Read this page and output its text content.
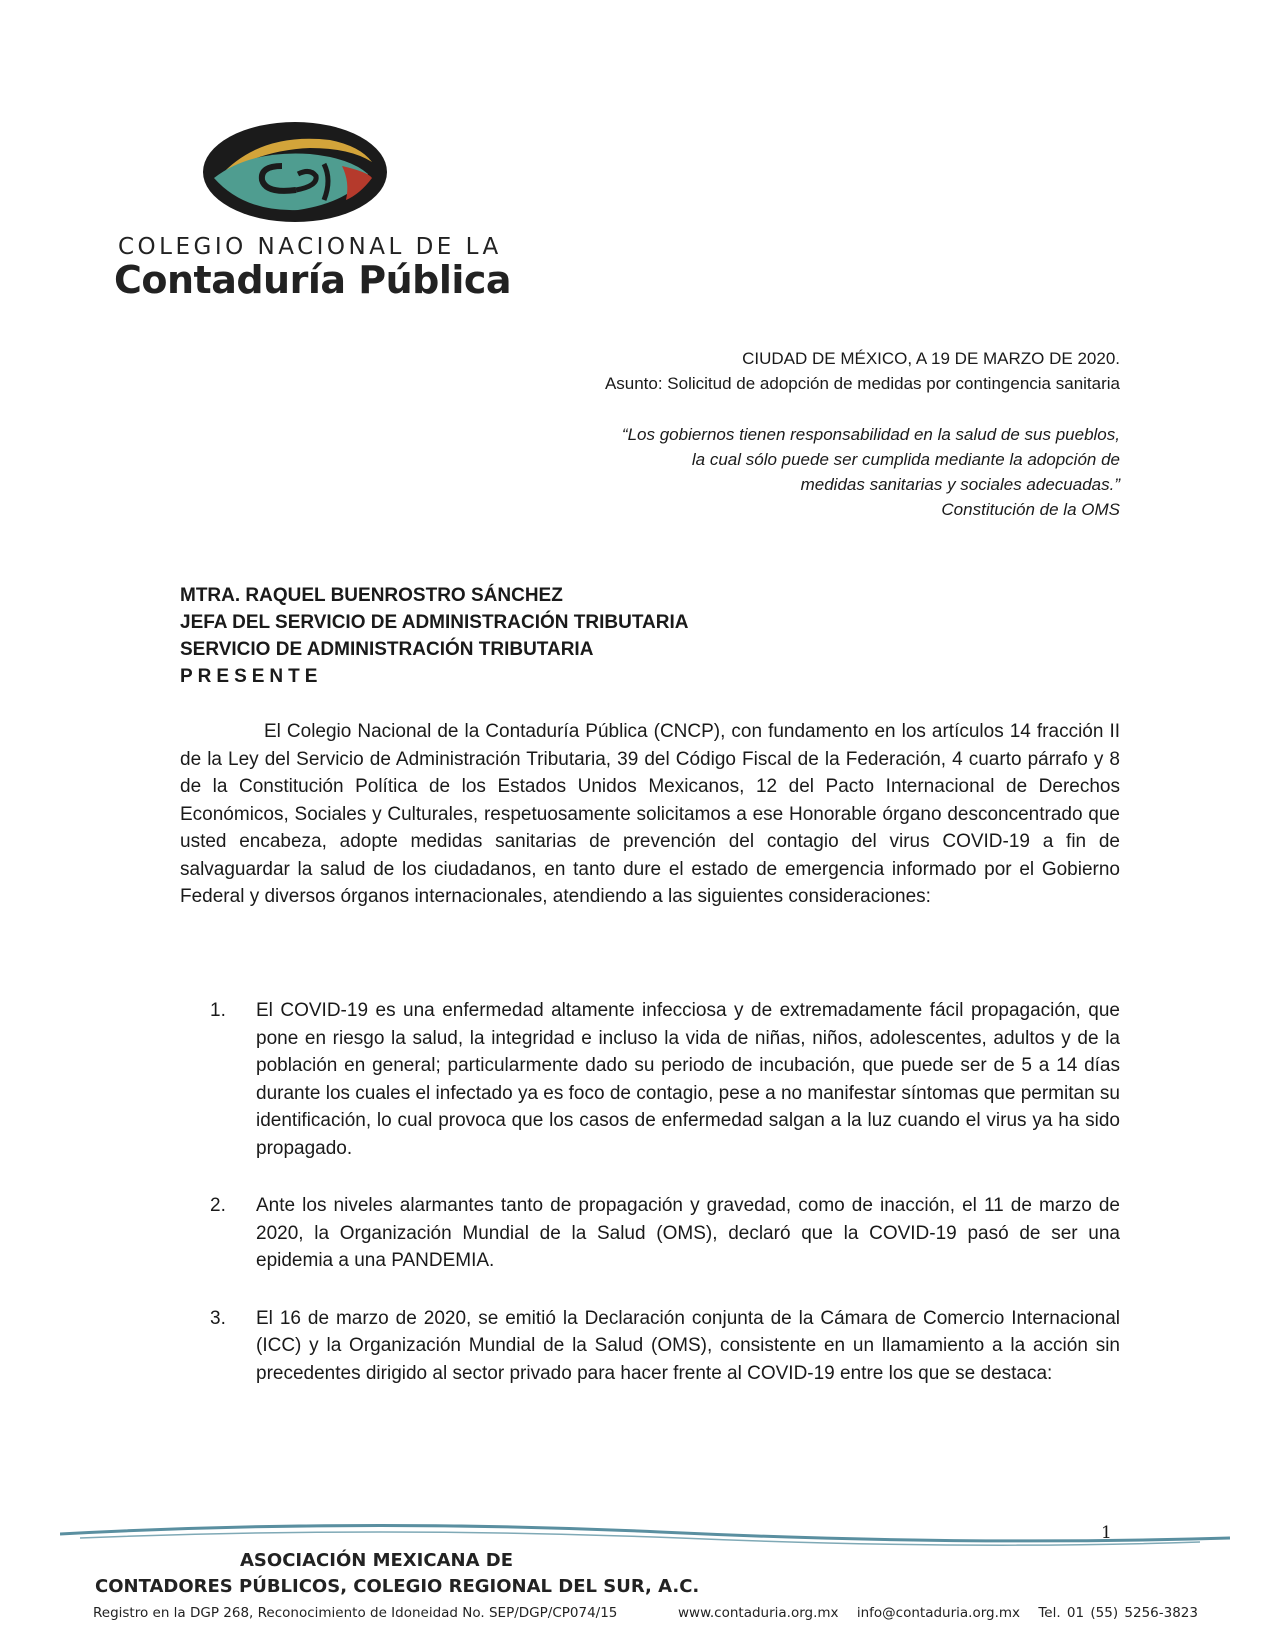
COLEGIO NACIONAL DE LA
Contaduría Pública
CIUDAD DE MÉXICO, A 19 DE MARZO DE 2020.
Asunto: Solicitud de adopción de medidas por contingencia sanitaria
“Los gobiernos tienen responsabilidad en la salud de sus pueblos,
la cual sólo puede ser cumplida mediante la adopción de
medidas sanitarias y sociales adecuadas.”
Constitución de la OMS
MTRA. RAQUEL BUENROSTRO SÁNCHEZ
JEFA DEL SERVICIO DE ADMINISTRACIÓN TRIBUTARIA
SERVICIO DE ADMINISTRACIÓN TRIBUTARIA
PRESENTE
El Colegio Nacional de la Contaduría Pública (CNCP), con fundamento en los artículos 14 fracción II de la Ley del Servicio de Administración Tributaria, 39 del Código Fiscal de la Federación, 4 cuarto párrafo y 8 de la Constitución Política de los Estados Unidos Mexicanos, 12 del Pacto Internacional de Derechos Económicos, Sociales y Culturales, respetuosamente solicitamos a ese Honorable órgano desconcentrado que usted encabeza, adopte medidas sanitarias de prevención del contagio del virus COVID-19 a fin de salvaguardar la salud de los ciudadanos, en tanto dure el estado de emergencia informado por el Gobierno Federal y diversos órganos internacionales, atendiendo a las siguientes consideraciones:
1.	El COVID-19 es una enfermedad altamente infecciosa y de extremadamente fácil propagación, que pone en riesgo la salud, la integridad e incluso la vida de niñas, niños, adolescentes, adultos y de la población en general; particularmente dado su periodo de incubación, que puede ser de 5 a 14 días durante los cuales el infectado ya es foco de contagio, pese a no manifestar síntomas que permitan su identificación, lo cual provoca que los casos de enfermedad salgan a la luz cuando el virus ya ha sido propagado.
2.	Ante los niveles alarmantes tanto de propagación y gravedad, como de inacción, el 11 de marzo de 2020, la Organización Mundial de la Salud (OMS), declaró que la COVID-19 pasó de ser una epidemia a una PANDEMIA.
3.	El 16 de marzo de 2020, se emitió la Declaración conjunta de la Cámara de Comercio Internacional (ICC) y la Organización Mundial de la Salud (OMS), consistente en un llamamiento a la acción sin precedentes dirigido al sector privado para hacer frente al COVID-19 entre los que se destaca:
1
ASOCIACIÓN MEXICANA DE
CONTADORES PÚBLICOS, COLEGIO REGIONAL DEL SUR, A.C.
Registro en la DGP 268, Reconocimiento de Idoneidad No. SEP/DGP/CP074/15	www.contaduria.org.mx info@contaduria.org.mx Tel. 01 (55) 5256-3823
